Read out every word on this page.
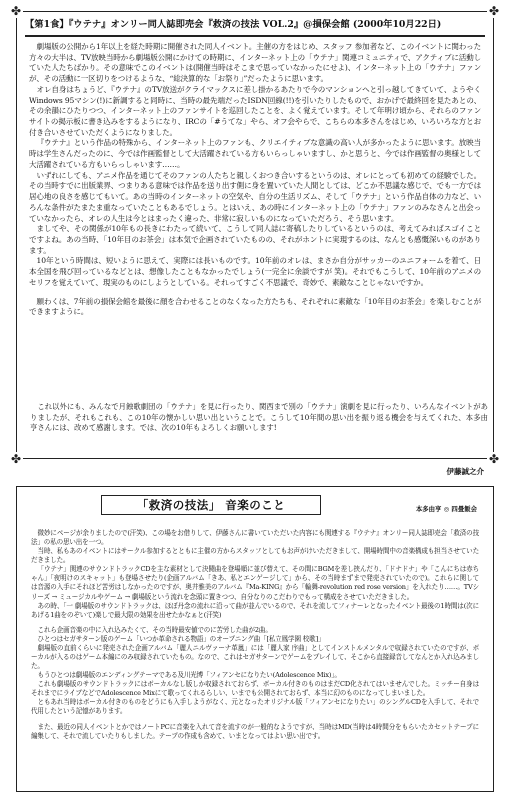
✤	✤
✤	✤
【第1食】『ウテナ』オンリー同人誌即売会『救済の技法 VOL.2』@損保会館 (2000年10月22日)

劇場版の公開から1年以上を経た時期に開催された同人イベント。主催の方をはじめ、スタッフ 参加者など、このイベントに関わった方々の大半は、TV放映当時から劇場版公開にかけての時期に、インターネット上の「ウテナ」関連コミュニティで、アクティブに活動していた人たちばかり。その意味でこのイベントは(開催当時はそこまで思っていなかったにせよ)、インターネット上の「ウテナ」ファンが、その活動に一区切りをつけるような、“総決算的な「お祭り」”だったように思います。

オレ自身はちょうど、『ウテナ』のTV放送がクライマックスに差し掛かるあたりで今のマンションへと引っ越してきていて、ようやくWindows 95マシン(!)に新調すると同時に、当時の最先端だったISDN回線(!!)を引いたりしたもので、おかげで最終回を見たあとの、その余韻にひたりつつ、インターネット上のファンサイトを巡回したことを、よく覚えています。そして年明け頃から、それらのファンサイトの掲示板に書き込みをするようになり、IRCの「#うてな」やら、オフ会やらで、こちらの本多さんをはじめ、いろいろな方とお付き合いさせていただくようになりました。

『ウテナ』という作品の特殊から、インターネット上のファンも、クリエイティブな意識の高い人が多かったように思います。放映当時は学生さんだったのに、今では作画監督として大活躍されている方もいらっしゃいますし、かと思うと、今では作画監督の奥様として大活躍されている方もいらっしゃいます……。

いずれにしても、アニメ作品を通じてそのファンの人たちと親しくおつき合いするというのは、オレにとっても初めての経験でした。その当時すでに出版業界、つまりある意味では作品を送り出す側に身を置いていた人間としては、どこか不思議な感じで、でも一方では居心地の良さを感じてもいて。あの当時のインターネットの空気や、自分の生活リズム、そして「ウテナ」という作品自体の力など、いろんな条件がたまたま重なっていたこともあるでしょう。とはいえ、あの時にインターネット上の「ウテナ」ファンのみなさんと出会っていなかったら、オレの人生は今とはまったく違った、非常に寂しいものになっていただろう、そう思います。

ましてや、その関係が10年もの長きにわたって続いて、こうして同人誌に寄稿したりしているというのは、考えてみればスゴイことですよね。あの当時、「10年目のお茶会」は本気で企画されていたものの、それがホントに実現するのは、なんとも感慨深いものがあります。

10年という時間は、短いように思えて、実際には長いものです。10年前のオレは、まさか自分がサッカーのユニフォームを着て、日本全国を飛び回っているなどとは、想像したこともなかったでしょう(一完全に余談ですが 笑)。それでもこうして、10年前のアニメのセリフを覚えていて、現実のものにしようとしている。それってすごく不思議で、奇妙で、素敵なことじゃないですか。

願わくは、7年前の損保会館を最後に顔を合わせることのなくなった方たちも、それぞれに素敵な「10年目のお茶会」を楽しむことができますように。

これ以外にも、みんなで月蝕歌劇団の「ウテナ」を見に行ったり、関西まで別の「ウテナ」演劇を見に行ったり、いろんなイベントがありましたが、それもこれも、この10年の懐かしい思い出ということで。こうして10年間の思い出を振り返る機会を与えてくれた、本多由亨さんには、改めて感謝します。では、次の10年もよろしくお願いします!

伊藤誠之介
「救済の技法」 音楽のこと	本多由亨 ◎ 四畳飯会

微妙にページが余りましたので(汗笑)、この場をお借りして、伊藤さんに書いていただいた内容にも関連する『ウテナ』オンリー同人誌即売会「救済の技法」の私の思い出を一つ。

当時、私もあのイベントにはサークル参加するとともに主催の方からスタッフとしてもお声がけいただきまして、開場時間中の音楽構成も担当させていただきました。

「ウテナ」関連のサウンドトラックCDを主な素材として決闘曲を登場順に並び替えて、その間にBGMを差し挟んだり、「ドナドナ」や「こんにちは赤ちゃん」「夜明けのスキャット」も登場させたり(企画アルバム「きあ、私とエンゲージして」から、その当時まずまで発売されていたので)。これらに関しては音源の入手にそれほど苦労はしなかったのですが、奥井雅美のアルバム『Ma-KING』から「輪舞-revolution red rose version」を入れたり……。TVシリーズ → ミュージカルやゲーム → 劇場版という流れを念頭に置きつつ、自分なりのこだわりでもって構成をさせていただきました。

あの時、「一 劇場版のサウンドトラックは、ほぼ丹念の流れに沿って曲が並んでいるので、それを流してフィナーレとなったイベント最後の1時間は(次にあげる1曲をのぞいて)楽しで最大限の効果を出せたかなぁと(汗笑)

これら企画音楽の中に入れ込みたくて、その当時最安値でのに苦労した曲が2曲。

ひとつはセガサターン版のゲーム「いつか革命される物語」のオープニング曲「[私立鳳学園 校歌]」

劇場版の直前くらいに発売された企画アルバム「麗人ニルヴァーナ革嵐」には「麗人家 序曲」としてインストルメンタルで収録されていたのですが、ボーカルが入るのはゲーム本編にのみ収録されていたもの。なので、これはセガサターンでゲームをプレイして、そこから直接録音してなんとか入れ込みました。

もうひとつは劇場版のエンディングテーマである及川光博「フィアンセになりたい(Adolescence Mix)」。

これも劇場版のサウンドトラックにはボーカルなし版しか収録されておらず、ボーカル付きのものはまだCD化されてはいませんでした。ミッチー自身はそれまでにライブなどでAdolescence Mixにて歌ってくれるらしい、いまでも公開されておらず、本当に幻のものになってしまいました。

ともあれ当時はボーカル付きのものをどうにも入手しようがなく、元となったオリジナル版「フィアンセになりたい」のシングルCDを入手して、それで代用したという記憶があります。

また、最近の同人イベントとかではノートPCに音楽を入れて音を流すのが一般的なようですが、当時はMD(当時は4時間分をもらいたカセットテープに編集して、それで流していたりもしました。テープの作成も含めて、いまとなってはよい思い出です。
